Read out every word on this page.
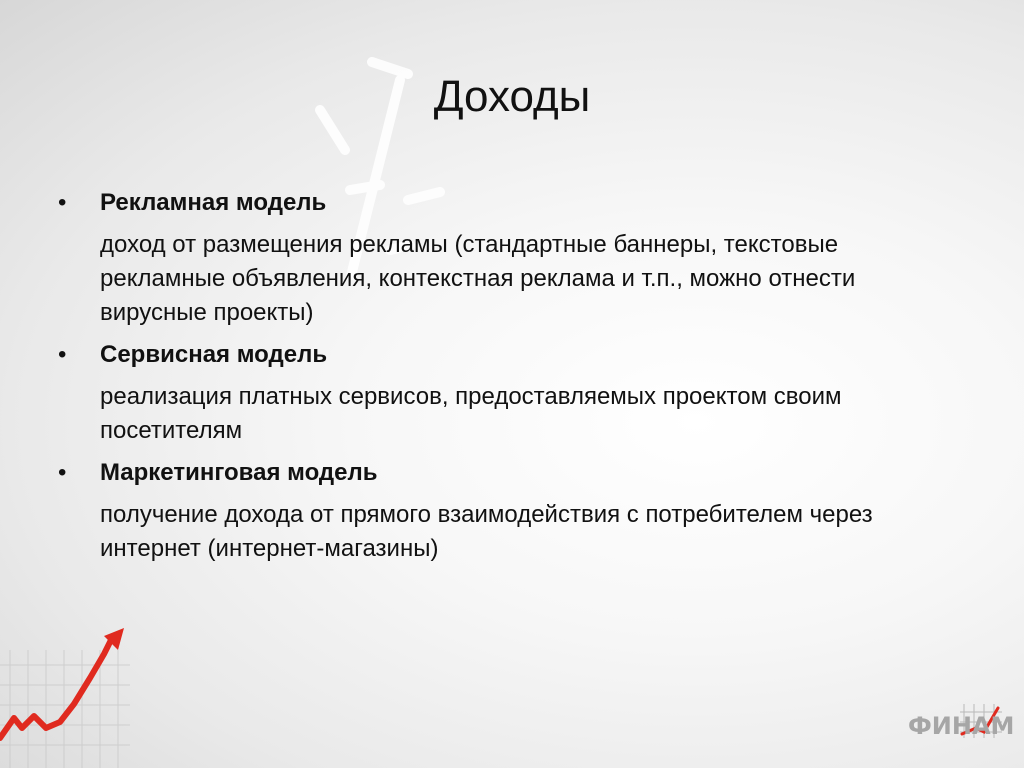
Доходы
• Рекламная модель
доход от размещения рекламы (стандартные баннеры, текстовые рекламные объявления, контекстная реклама и т.п., можно отнести вирусные проекты)
• Сервисная модель
реализация платных сервисов, предоставляемых проектом своим посетителям
• Маркетинговая модель
получение дохода от прямого взаимодействия с потребителем через интернет (интернет-магазины)
ФИНАМ
